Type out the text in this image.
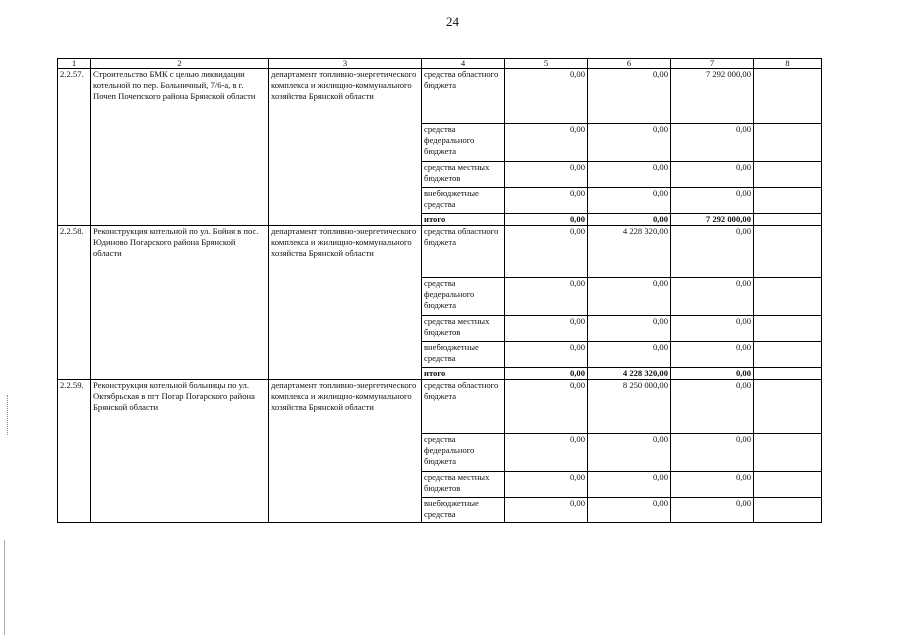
24
1	2	3	4	5	6	7	8
2.2.57.	Строительство БМК с целью ликвидации котельной по пер. Больничный, 7/6-а, в г. Почеп Почепского района Брянской области	департамент топливно-энергетического комплекса и жилищно-коммунального хозяйства Брянской области	средства областного бюджета	0,00	0,00	7 292 000,00	
			средства федерального бюджета	0,00	0,00	0,00	
			средства местных бюджетов	0,00	0,00	0,00	
			внебюджетные средства	0,00	0,00	0,00	
			итого	0,00	0,00	7 292 000,00	
2.2.58.	Реконструкция котельной по ул. Бойня в пос. Юдиново Погарского района Брянской области	департамент топливно-энергетического комплекса и жилищно-коммунального хозяйства Брянской области	средства областного бюджета	0,00	4 228 320,00	0,00	
			средства федерального бюджета	0,00	0,00	0,00	
			средства местных бюджетов	0,00	0,00	0,00	
			внебюджетные средства	0,00	0,00	0,00	
			итого	0,00	4 228 320,00	0,00	
2.2.59.	Реконструкция котельной больницы по ул. Октябрьская в пгт Погар Погарского района Брянской области	департамент топливно-энергетического комплекса и жилищно-коммунального хозяйства Брянской области	средства областного бюджета	0,00	8 250 000,00	0,00	
			средства федерального бюджета	0,00	0,00	0,00	
			средства местных бюджетов	0,00	0,00	0,00	
			внебюджетные средства	0,00	0,00	0,00	
